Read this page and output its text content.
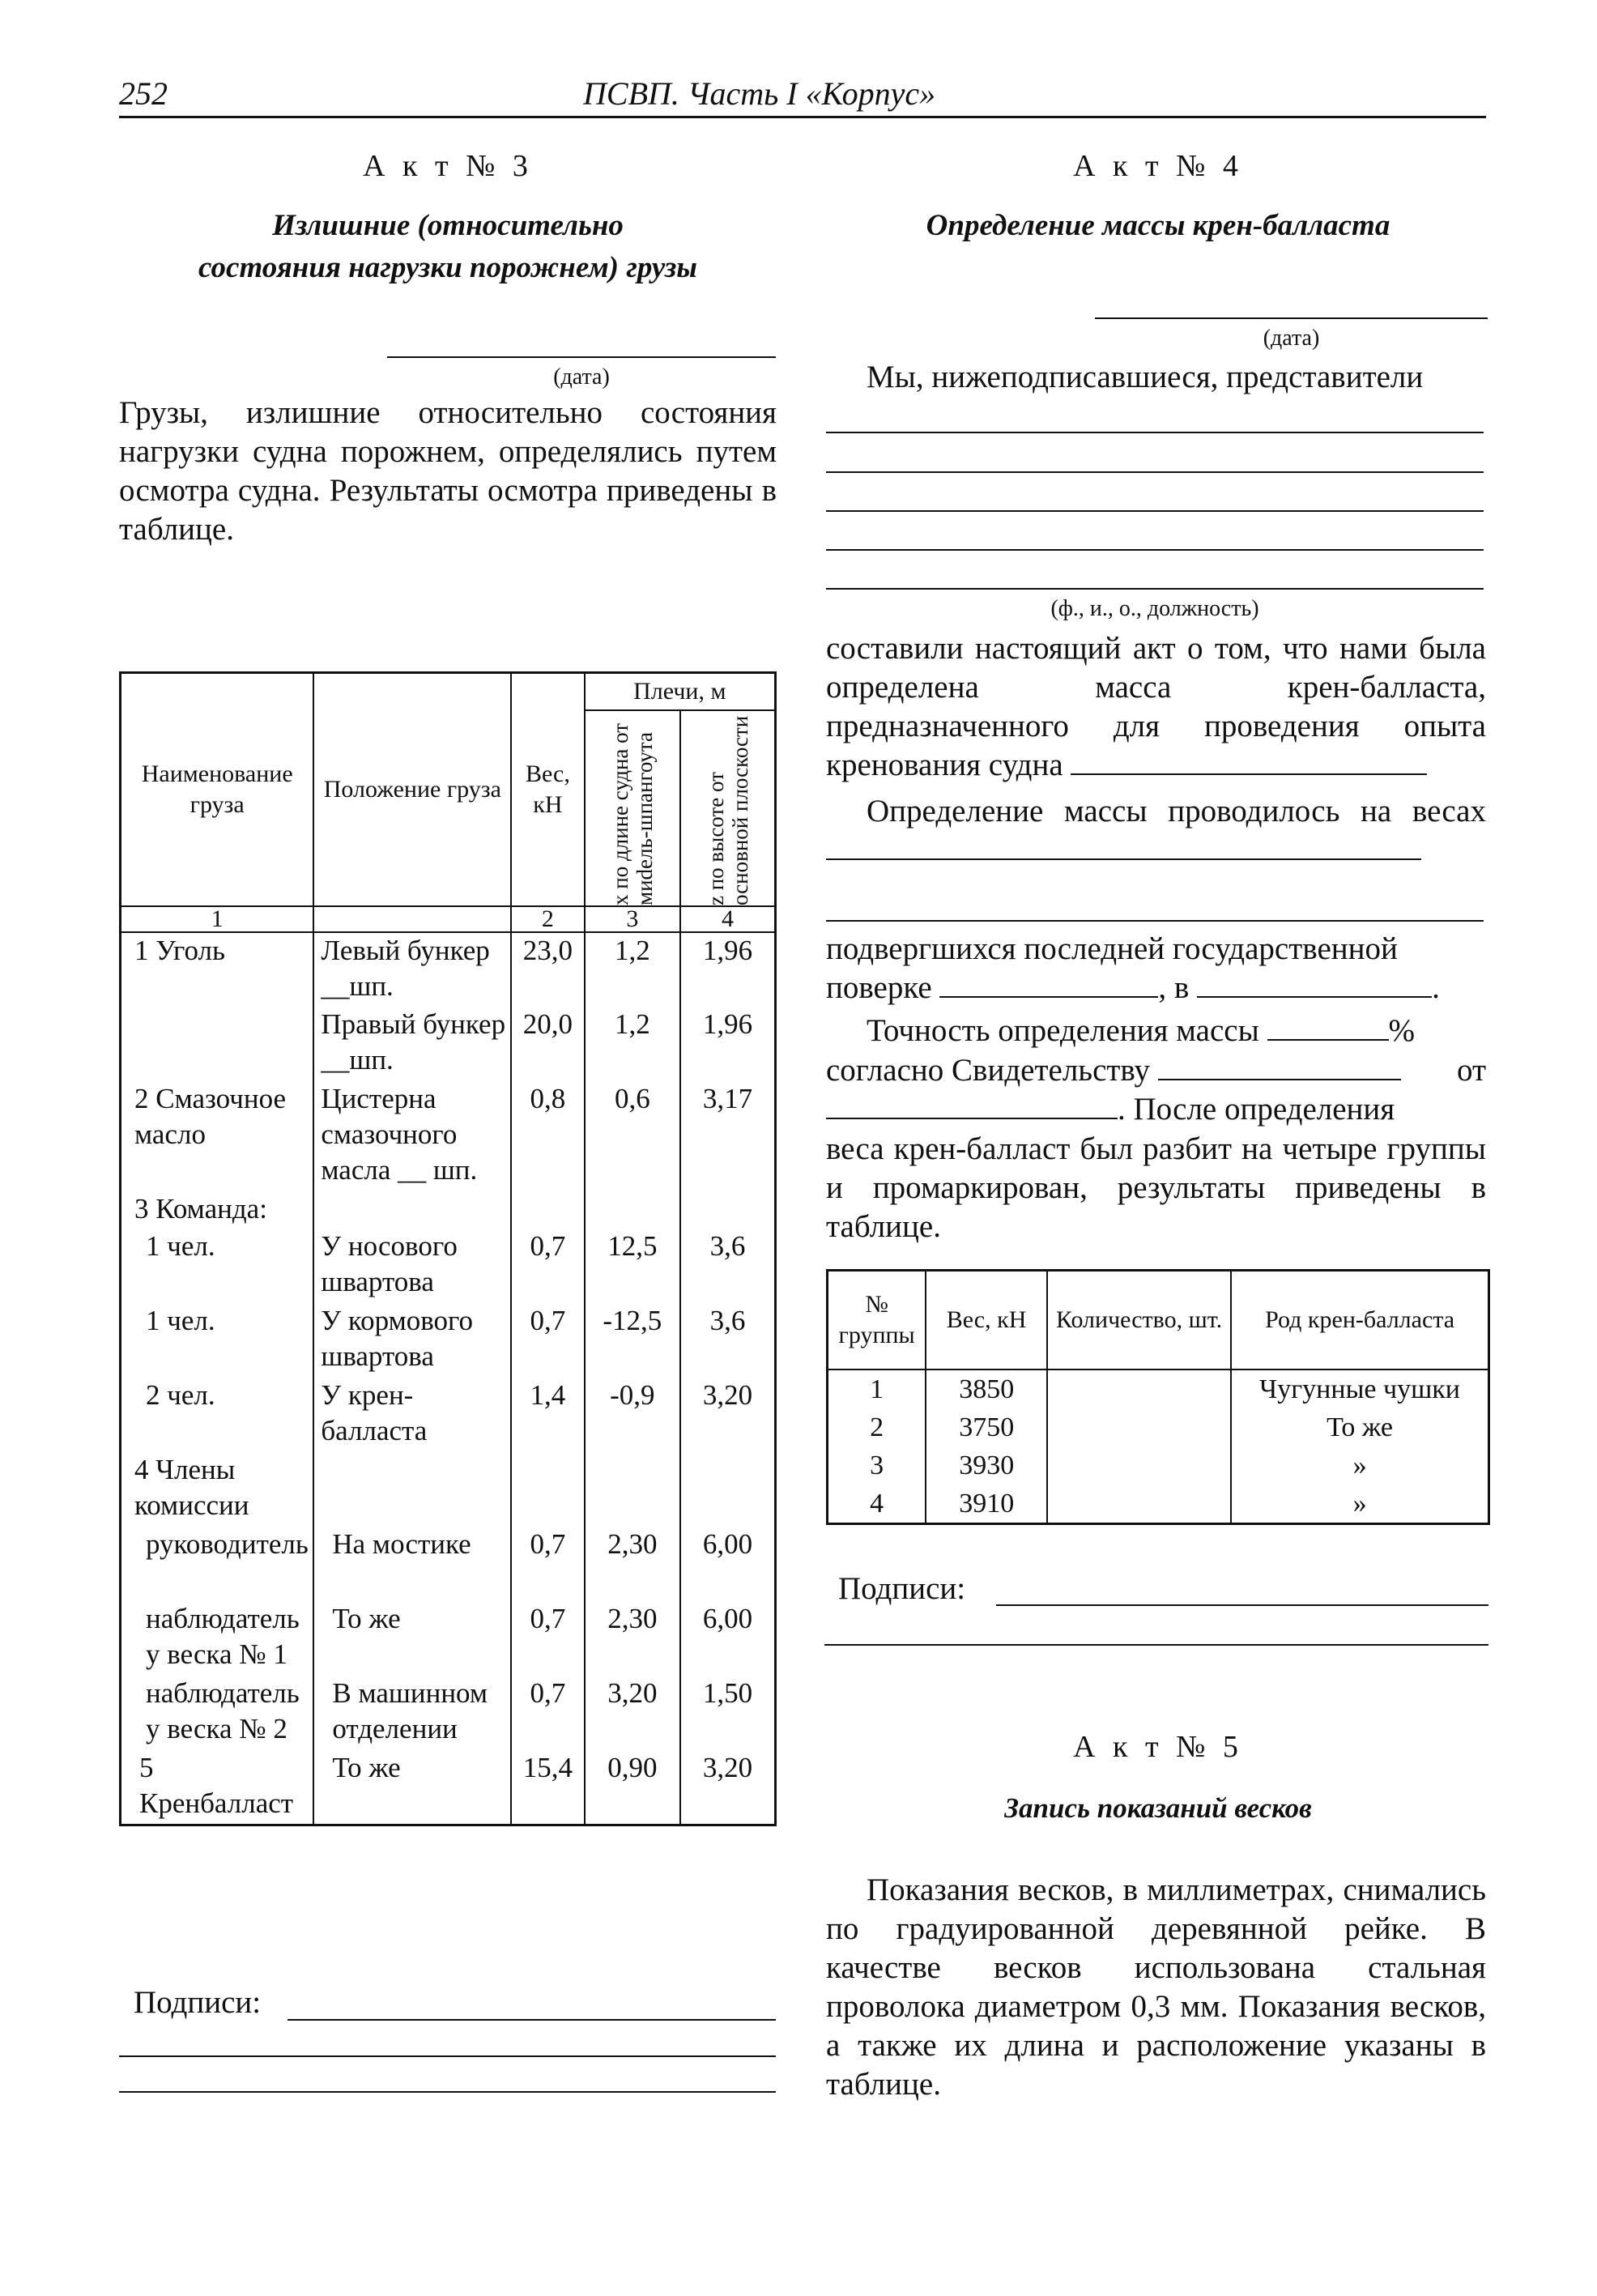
252	ПСВП. Часть I «Корпус»
А к т № 3
Излишние (относительно
состояния нагрузки порожнем) грузы
(дата)
Грузы, излишние относительно состояния нагрузки судна порожнем, определялись путем осмотра судна. Результаты осмотра приведены в таблице.
Наименование груза	Положение груза	Вес, кН	Плечи, м	

			x по длине судна от миdель-шпангоута	z по высоте от основной плоскости

1		2	3	4
1 Уголь	Левый бункер __шп.	23,0	1,2	1,96
	Правый бункер __шп.	20,0	1,2	1,96
2 Смазочное масло	Цистерна смазочного масла __ шп.	0,8	0,6	3,17
3 Команда:				
1 чел.	У носового швартова	0,7	12,5	3,6
1 чел.	У кормового швартова	0,7	-12,5	3,6
2 чел.	У крен-балласта	1,4	-0,9	3,20
4 Члены комиссии				
руководитель	На мостике	0,7	2,30	6,00
наблюдатель у веска № 1	То же	0,7	2,30	6,00
наблюдатель у веска № 2	В машинном отделении	0,7	3,20	1,50
5 Кренбалласт	То же	15,4	0,90	3,20
Подписи:
А к т № 4
Определение массы крен-балласта
(дата)
Мы, нижеподписавшиеся, представители
(ф., и., о., должность)
составили настоящий акт о том, что нами была определена масса крен-балласта, предназначенного для проведения опыта кренования судна
Определение массы проводилось на весах
подвергшихся последней государственной
поверке	, в	.
Точность определения массы	%
согласно Свидетельству	от
. После определения
веса крен-балласт был разбит на четыре группы и промаркирован, результаты приведены в таблице.
№ группы	Вес, кН	Количество, шт.	Род крен-балласта
1	3850		Чугунные чушки
2	3750		То же
3	3930		»
4	3910		»
Подписи:
А к т № 5
Запись показаний весков
Показания весков, в миллиметрах, снимались по градуированной деревянной рейке. В качестве весков использована стальная проволока диаметром 0,3 мм. Показания весков, а также их длина и расположение указаны в таблице.
